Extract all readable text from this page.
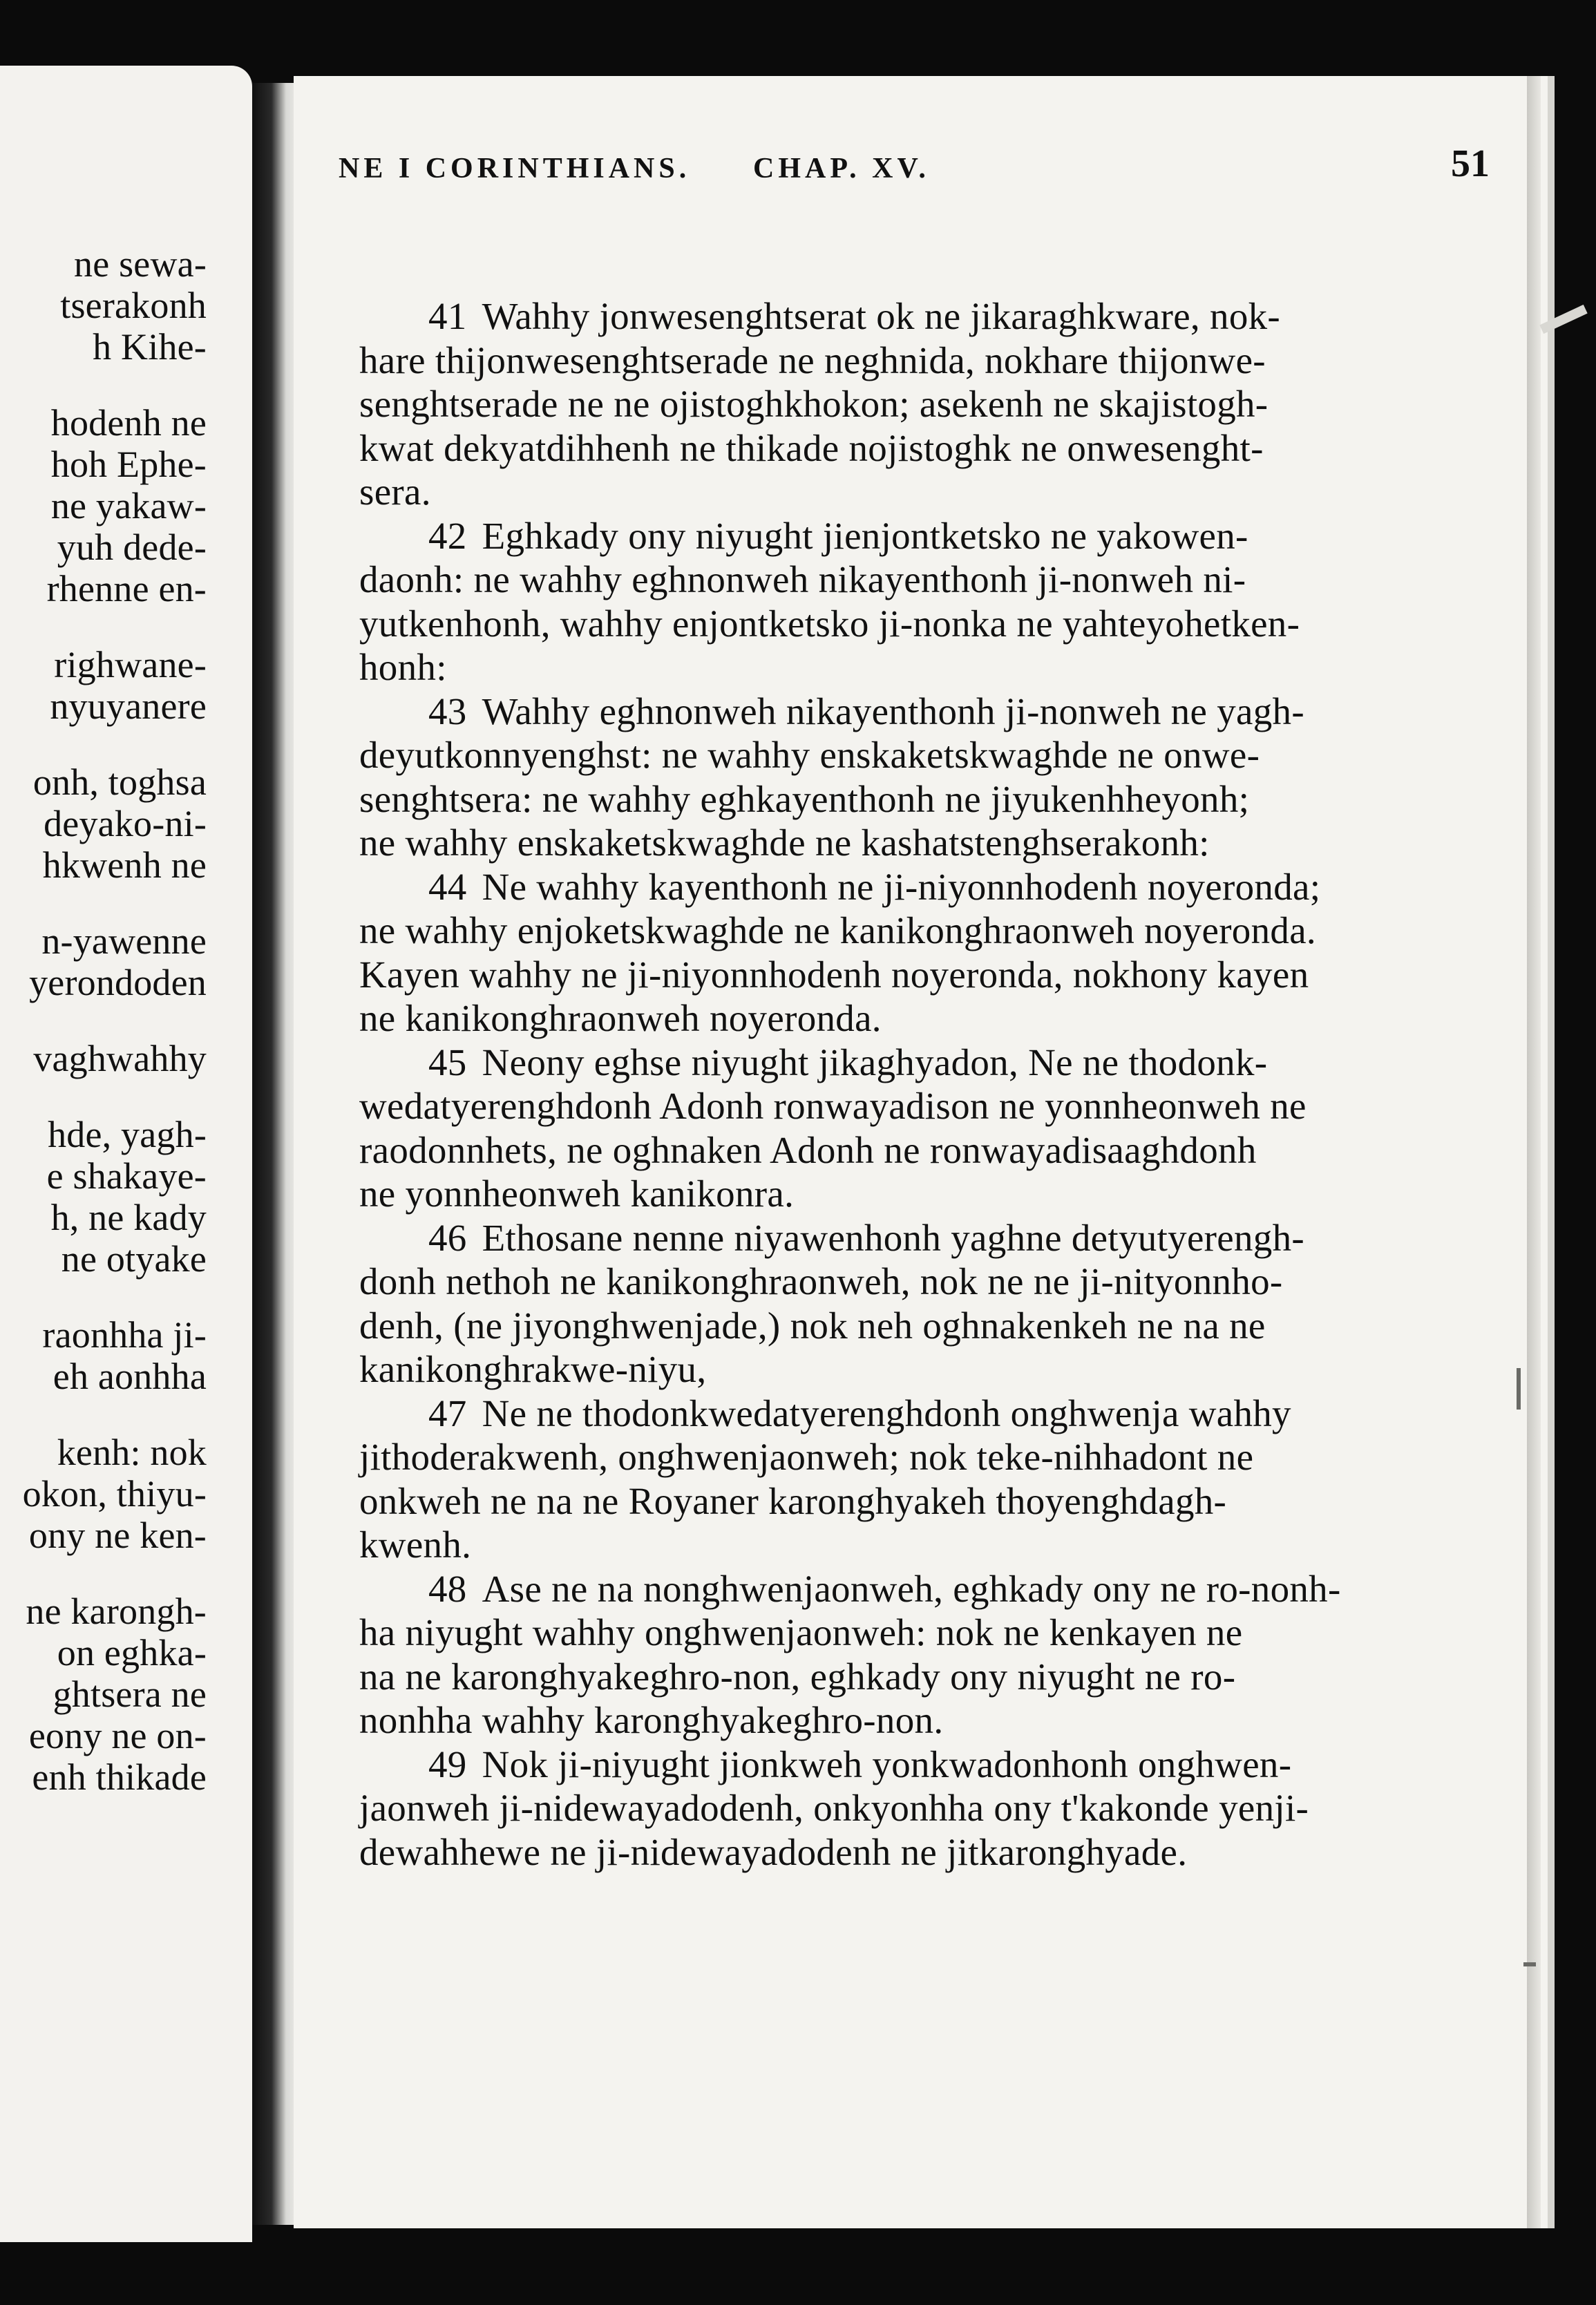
ne sewa-
tserakonh
h Kihe-
hodenh ne
hoh Ephe-
ne yakaw-
yuh dede-
rhenne en-
righwane-
nyuyanere
onh, toghsa
deyako-ni-
hkwenh ne
n-yawenne
yerondoden
vaghwahhy
hde, yagh-
e shakaye-
h, ne kady
ne otyake
raonhha ji-
eh aonhha
kenh: nok
okon, thiyu-
ony ne ken-
ne karongh-
on eghka-
ghtsera ne
eony ne on-
enh thikade
NE I CORINTHIANS. CHAP. XV.	51
41 Wahhy jonwesenghtserat ok ne jikaraghkware, nok-
hare thijonwesenghtserade ne neghnida, nokhare thijonwe-
senghtserade ne ne ojistoghkhokon; asekenh ne skajistogh-
kwat dekyatdihhenh ne thikade nojistoghk ne onwesenght-
sera.
42 Eghkady ony niyught jienjontketsko ne yakowen-
daonh: ne wahhy eghnonweh nikayenthonh ji-nonweh ni-
yutkenhonh, wahhy enjontketsko ji-nonka ne yahteyohetken-
honh:
43 Wahhy eghnonweh nikayenthonh ji-nonweh ne yagh-
deyutkonnyenghst: ne wahhy enskaketskwaghde ne onwe-
senghtsera: ne wahhy eghkayenthonh ne jiyukenhheyonh;
ne wahhy enskaketskwaghde ne kashatstenghserakonh:
44 Ne wahhy kayenthonh ne ji-niyonnhodenh noyeronda;
ne wahhy enjoketskwaghde ne kanikonghraonweh noyeronda.
Kayen wahhy ne ji-niyonnhodenh noyeronda, nokhony kayen
ne kanikonghraonweh noyeronda.
45 Neony eghse niyught jikaghyadon, Ne ne thodonk-
wedatyerenghdonh Adonh ronwayadison ne yonnheonweh ne
raodonnhets, ne oghnaken Adonh ne ronwayadisaaghdonh
ne yonnheonweh kanikonra.
46 Ethosane nenne niyawenhonh yaghne detyutyerengh-
donh nethoh ne kanikonghraonweh, nok ne ne ji-nityonnho-
denh, (ne jiyonghwenjade,) nok neh oghnakenkeh ne na ne
kanikonghrakwe-niyu,
47 Ne ne thodonkwedatyerenghdonh onghwenja wahhy
jithoderakwenh, onghwenjaonweh; nok teke-nihhadont ne
onkweh ne na ne Royaner karonghyakeh thoyenghdagh-
kwenh.
48 Ase ne na nonghwenjaonweh, eghkady ony ne ro-nonh-
ha niyught wahhy onghwenjaonweh: nok ne kenkayen ne
na ne karonghyakeghro-non, eghkady ony niyught ne ro-
nonhha wahhy karonghyakeghro-non.
49 Nok ji-niyught jionkweh yonkwadonhonh onghwen-
jaonweh ji-nidewayadodenh, onkyonhha ony t'kakonde yenji-
dewahhewe ne ji-nidewayadodenh ne jitkaronghyade.
